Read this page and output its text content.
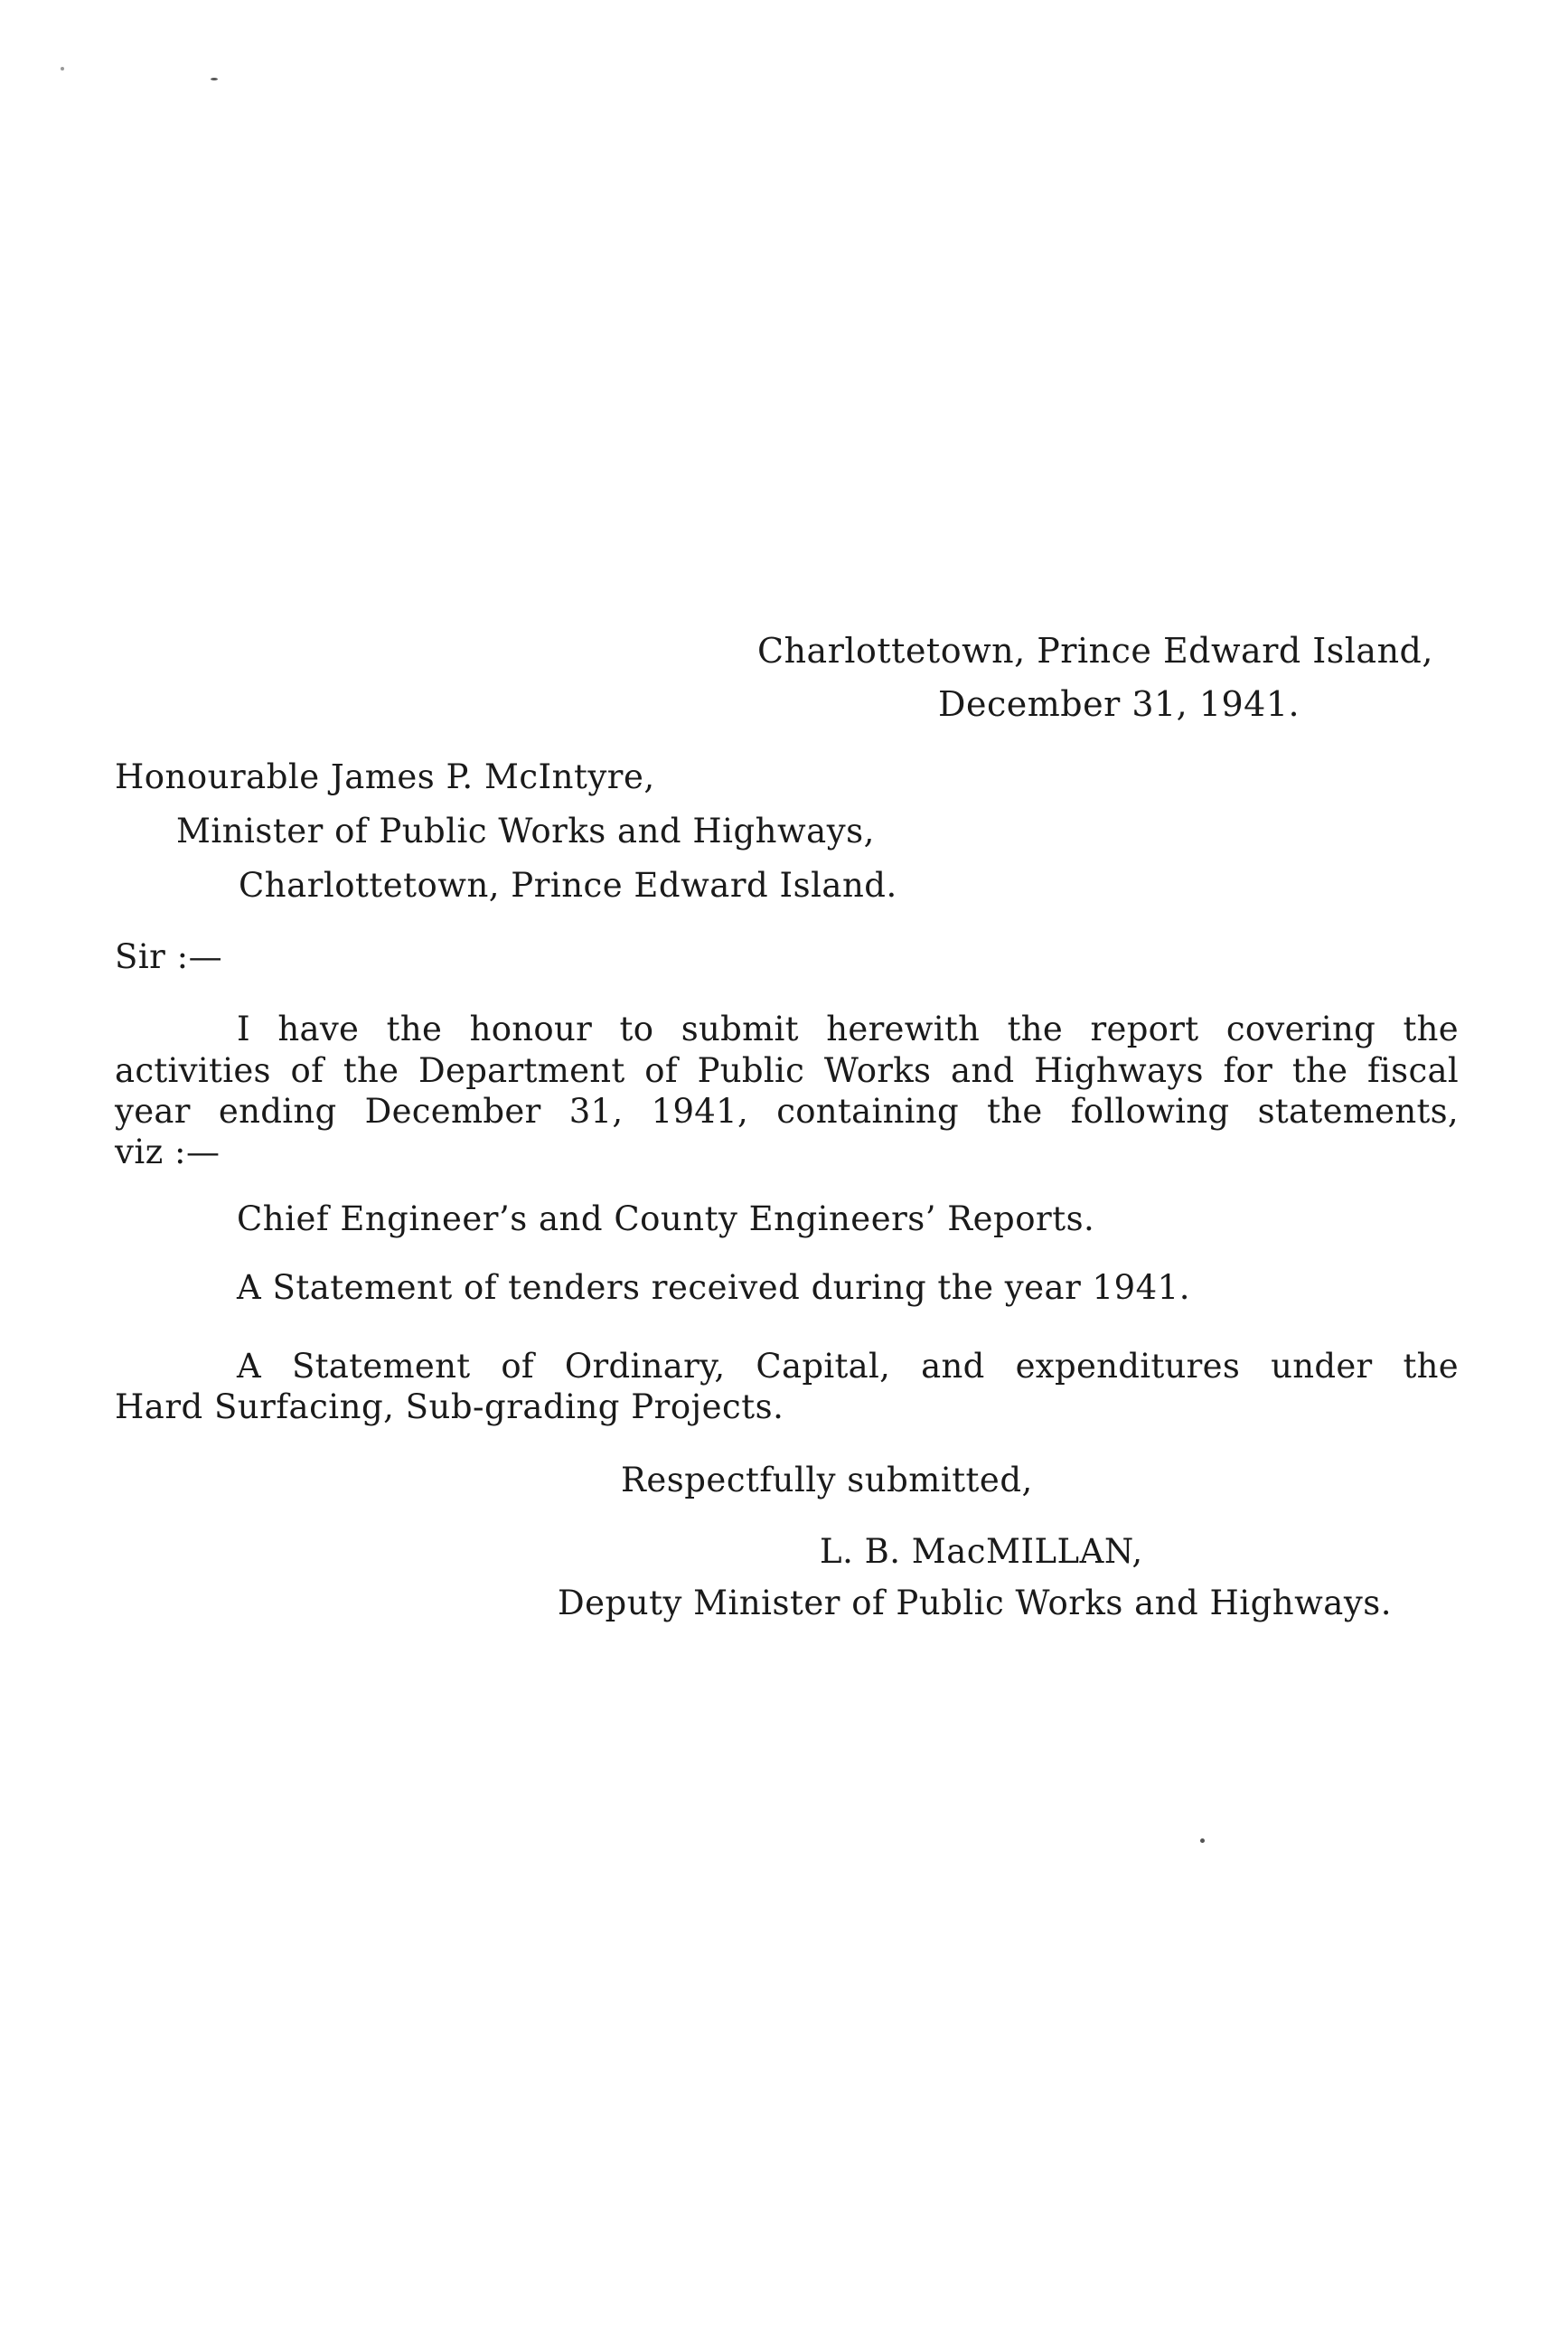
Charlottetown, Prince Edward Island,
December 31, 1941.
Honourable James P. McIntyre,
Minister of Public Works and Highways,
Charlottetown, Prince Edward Island.
Sir :—
I have the honour to submit herewith the report covering the
activities of the Department of Public Works and Highways for the fiscal
year ending December 31, 1941, containing the following statements,
viz :—
Chief Engineer’s and County Engineers’ Reports.
A Statement of tenders received during the year 1941.
A Statement of Ordinary, Capital, and expenditures under the
Hard Surfacing, Sub-grading Projects.
Respectfully submitted,
L. B. MacMILLAN,
Deputy Minister of Public Works and Highways.
